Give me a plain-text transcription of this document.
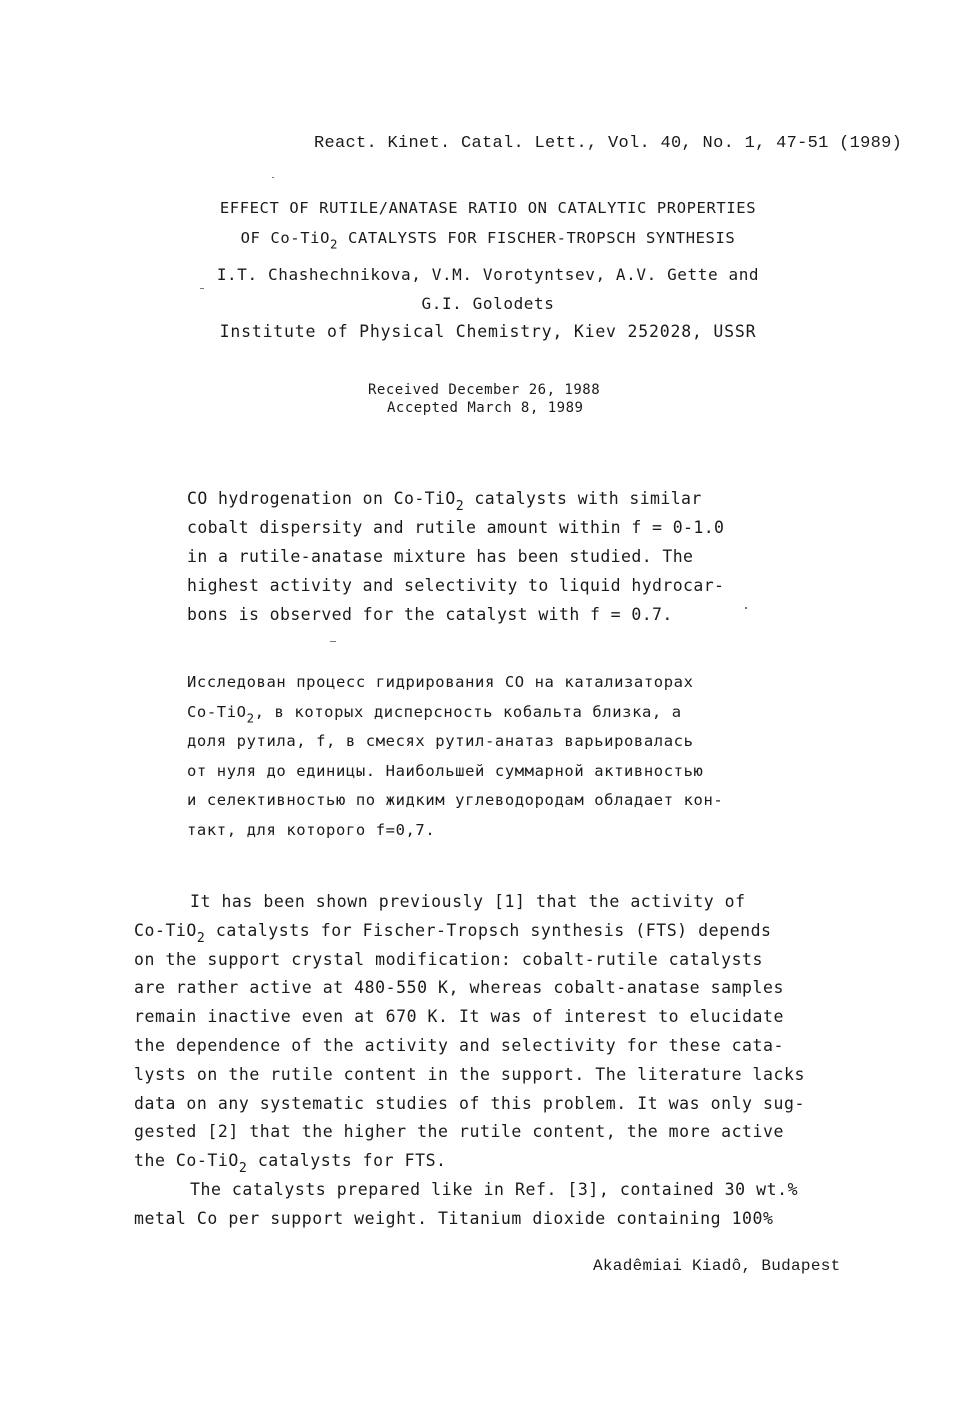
React. Kinet. Catal. Lett., Vol. 40, No. 1, 47-51 (1989)
EFFECT OF RUTILE/ANATASE RATIO ON CATALYTIC PROPERTIES
OF Co-TiO$_2$ CATALYSTS FOR FISCHER-TROPSCH SYNTHESIS
I.T. Chashechnikova, V.M. Vorotyntsev, A.V. Gette and
G.I. Golodets
Institute of Physical Chemistry, Kiev 252028, USSR
Received December 26, 1988
Accepted March 8, 1989
CO hydrogenation on Co-TiO$_2$ catalysts with similar
cobalt dispersity and rutile amount within f = 0-1.0
in a rutile-anatase mixture has been studied. The
highest activity and selectivity to liquid hydrocar-
bons is observed for the catalyst with f = 0.7.
Исследован процесс гидрирования СО на катализаторах
Co-TiO$_2$, в которых дисперсность кобальта близка, а
доля рутила, f, в смесях рутил-анатаз варьировалась
от нуля до единицы. Наибольшей суммарной активностью
и селективностью по жидким углеводородам обладает кон-
такт, для которого f=0,7.
It has been shown previously [1] that the activity of
Co-TiO$_2$ catalysts for Fischer-Tropsch synthesis (FTS) depends
on the support crystal modification: cobalt-rutile catalysts
are rather active at 480-550 K, whereas cobalt-anatase samples
remain inactive even at 670 K. It was of interest to elucidate
the dependence of the activity and selectivity for these cata-
lysts on the rutile content in the support. The literature lacks
data on any systematic studies of this problem. It was only sug-
gested [2] that the higher the rutile content, the more active
the Co-TiO$_2$ catalysts for FTS.
The catalysts prepared like in Ref. [3], contained 30 wt.%
metal Co per support weight. Titanium dioxide containing 100%
Akadêmiai Kiadô, Budapest
